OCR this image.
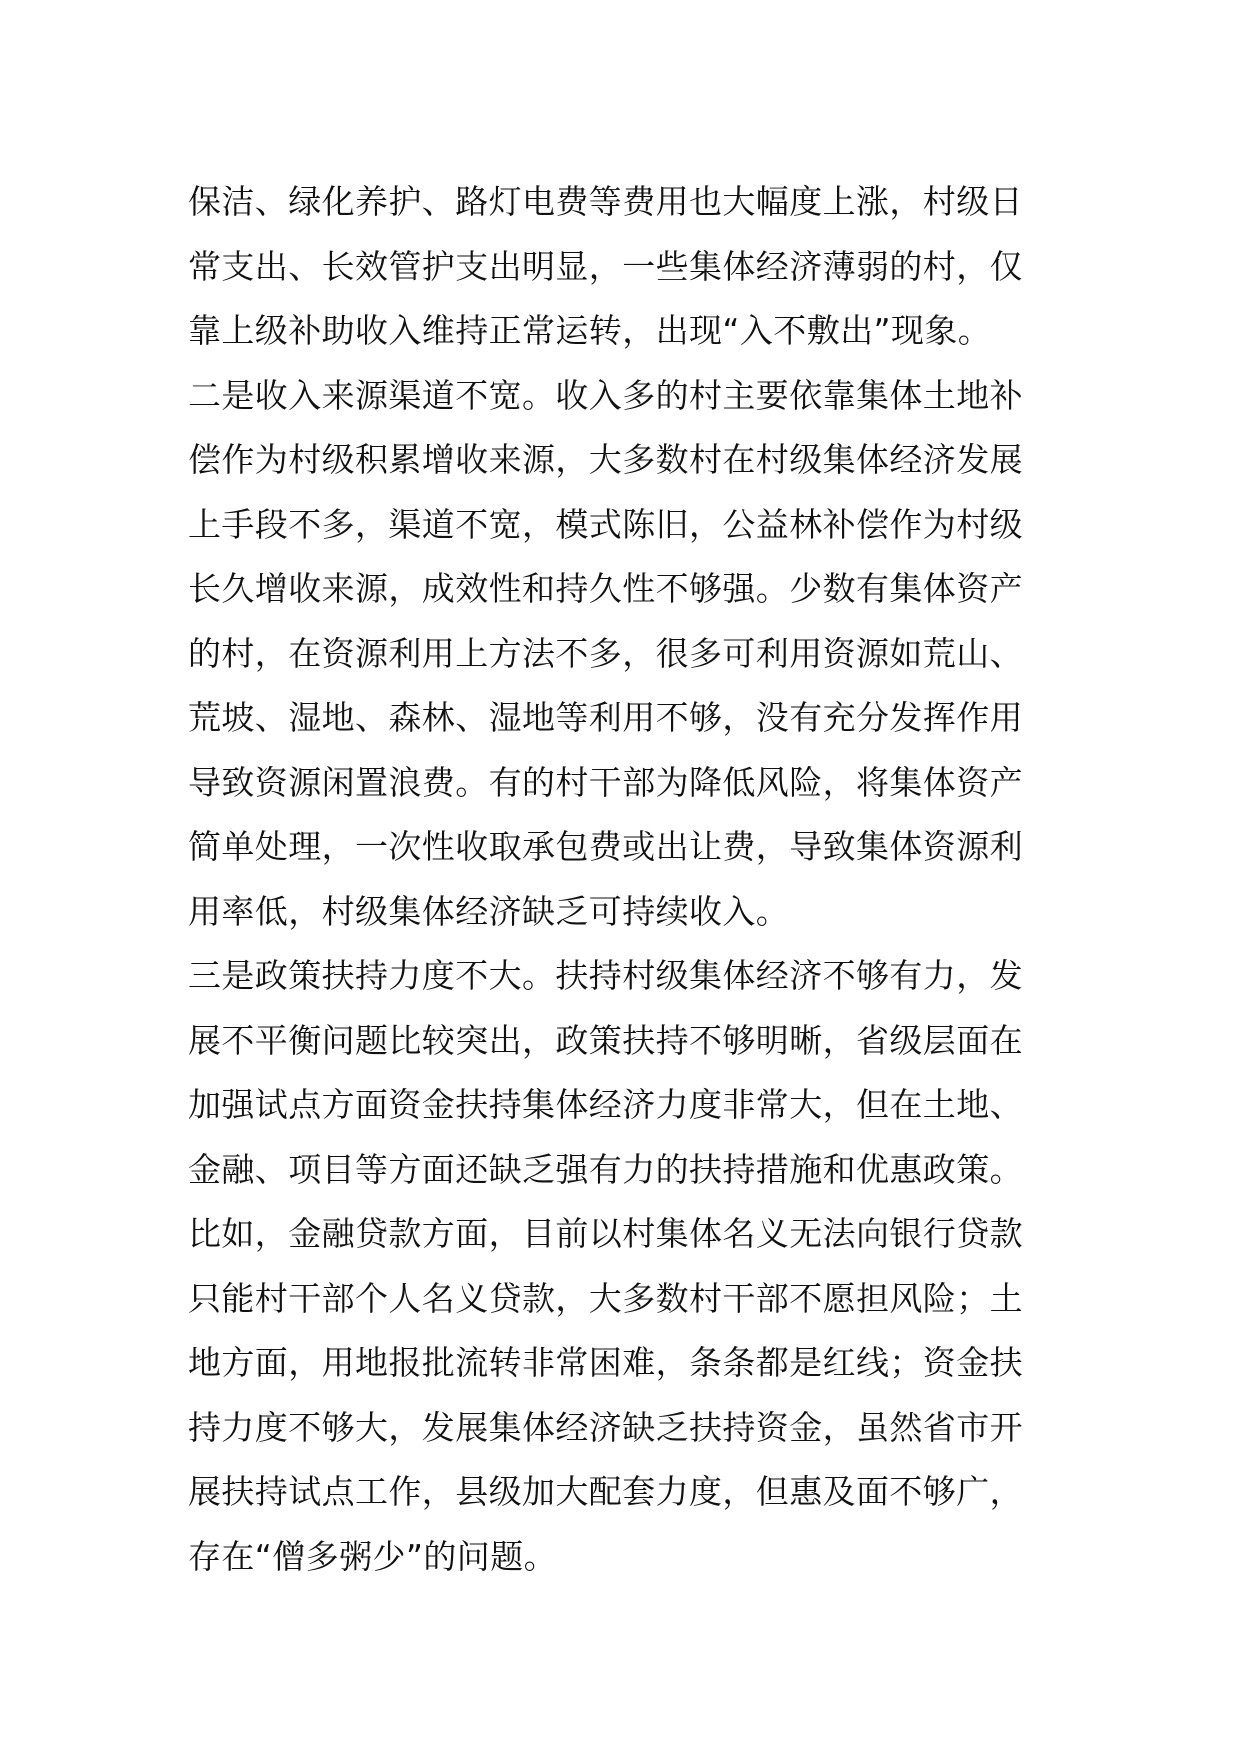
保洁、绿化养护、路灯电费等费用也大幅度上涨，村级日
常支出、长效管护支出明显，一些集体经济薄弱的村，仅
靠上级补助收入维持正常运转，出现“入不敷出”现象。
二是收入来源渠道不宽。收入多的村主要依靠集体土地补
偿作为村级积累增收来源，大多数村在村级集体经济发展
上手段不多，渠道不宽，模式陈旧，公益林补偿作为村级
长久增收来源，成效性和持久性不够强。少数有集体资产
的村，在资源利用上方法不多，很多可利用资源如荒山、
荒坡、湿地、森林、湿地等利用不够，没有充分发挥作用
导致资源闲置浪费。有的村干部为降低风险，将集体资产
简单处理，一次性收取承包费或出让费，导致集体资源利
用率低，村级集体经济缺乏可持续收入。
三是政策扶持力度不大。扶持村级集体经济不够有力，发
展不平衡问题比较突出，政策扶持不够明晰，省级层面在
加强试点方面资金扶持集体经济力度非常大，但在土地、
金融、项目等方面还缺乏强有力的扶持措施和优惠政策。
比如，金融贷款方面，目前以村集体名义无法向银行贷款
只能村干部个人名义贷款，大多数村干部不愿担风险；土
地方面，用地报批流转非常困难，条条都是红线；资金扶
持力度不够大，发展集体经济缺乏扶持资金，虽然省市开
展扶持试点工作，县级加大配套力度，但惠及面不够广，
存在“僧多粥少”的问题。
